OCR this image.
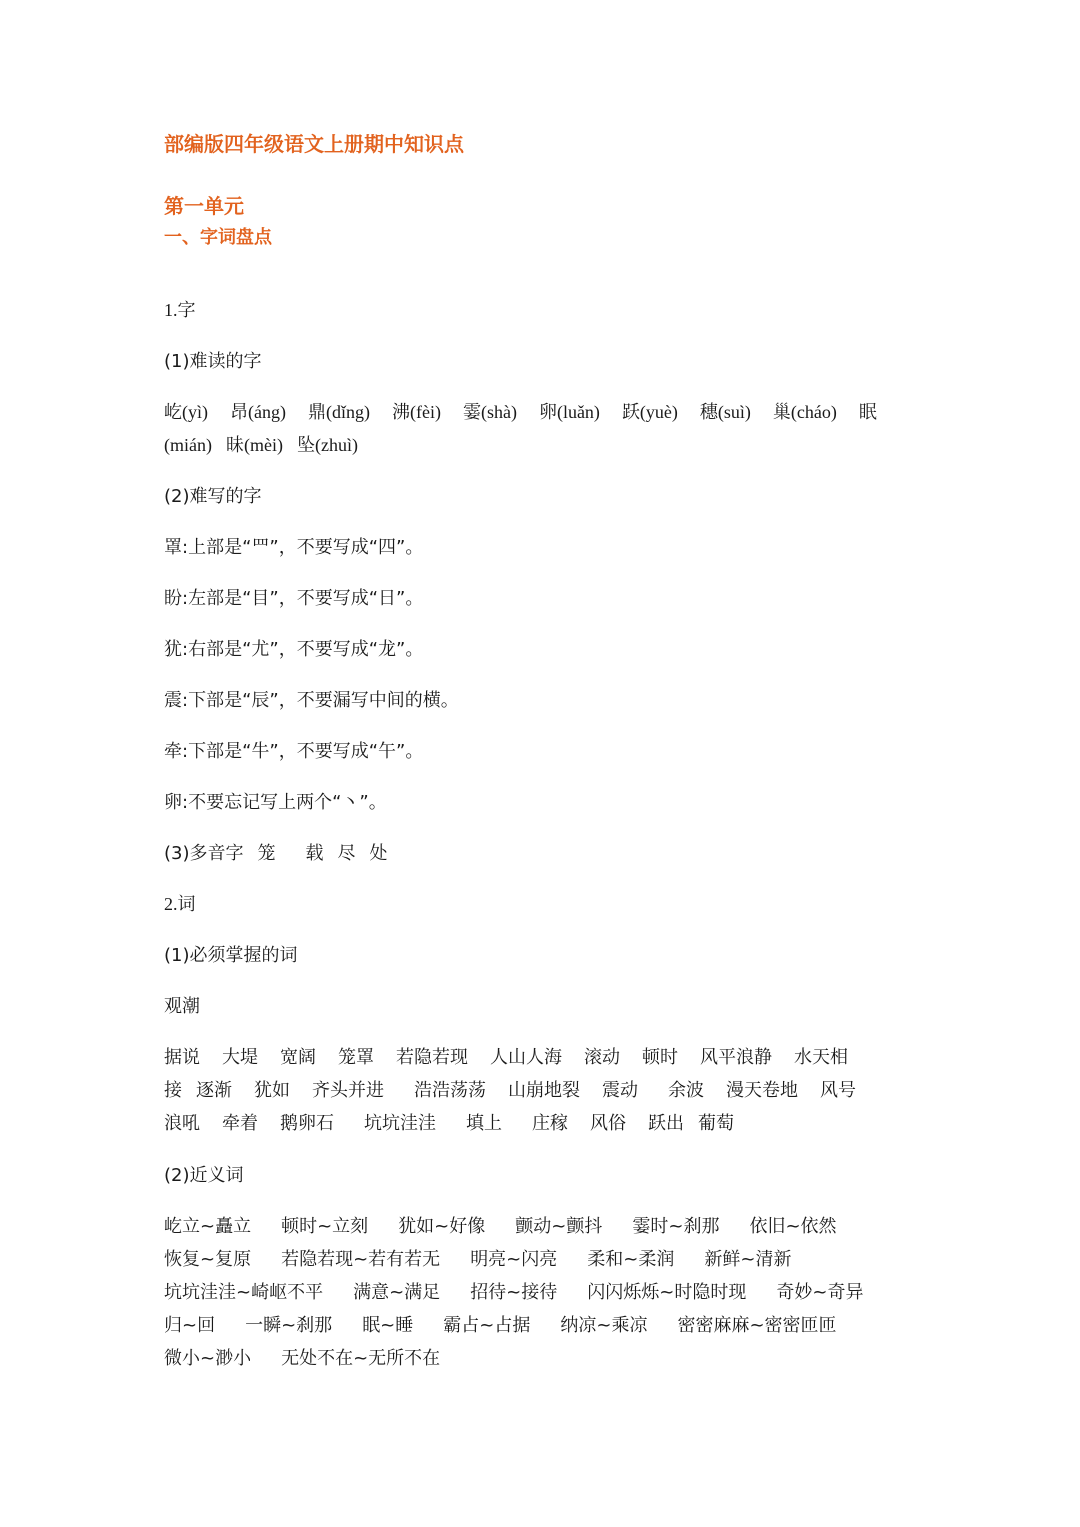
部编版四年级语文上册期中知识点
第一单元
一、字词盘点
1.字
(1)难读的字
屹(yì) 昂(áng) 鼎(dǐng) 沸(fèi) 霎(shà) 卵(luǎn) 跃(yuè) 穗(suì) 巢(cháo) 眠
(mián) 昧(mèi) 坠(zhuì)
(2)难写的字
罩:上部是“罒”，不要写成“四”。
盼:左部是“目”，不要写成“日”。
犹:右部是“尤”，不要写成“龙”。
震:下部是“辰”，不要漏写中间的横。
牵:下部是“牛”，不要写成“午”。
卵:不要忘记写上两个“丶”。
(3)多音字 笼 载 尽 处
2.词
(1)必须掌握的词
观潮
据说 大堤 宽阔 笼罩 若隐若现 人山人海 滚动 顿时 风平浪静 水天相
接 逐渐 犹如 齐头并进 浩浩荡荡 山崩地裂 震动 余波 漫天卷地 风号
浪吼 牵着 鹅卵石 坑坑洼洼 填上 庄稼 风俗 跃出 葡萄
(2)近义词
屹立~矗立 顿时~立刻 犹如~好像 颤动~颤抖 霎时~刹那 依旧~依然
恢复~复原 若隐若现~若有若无 明亮~闪亮 柔和~柔润 新鲜~清新
坑坑洼洼~崎岖不平 满意~满足 招待~接待 闪闪烁烁~时隐时现 奇妙~奇异
归~回 一瞬~刹那 眠~睡 霸占~占据 纳凉~乘凉 密密麻麻~密密匝匝
微小~渺小 无处不在~无所不在
